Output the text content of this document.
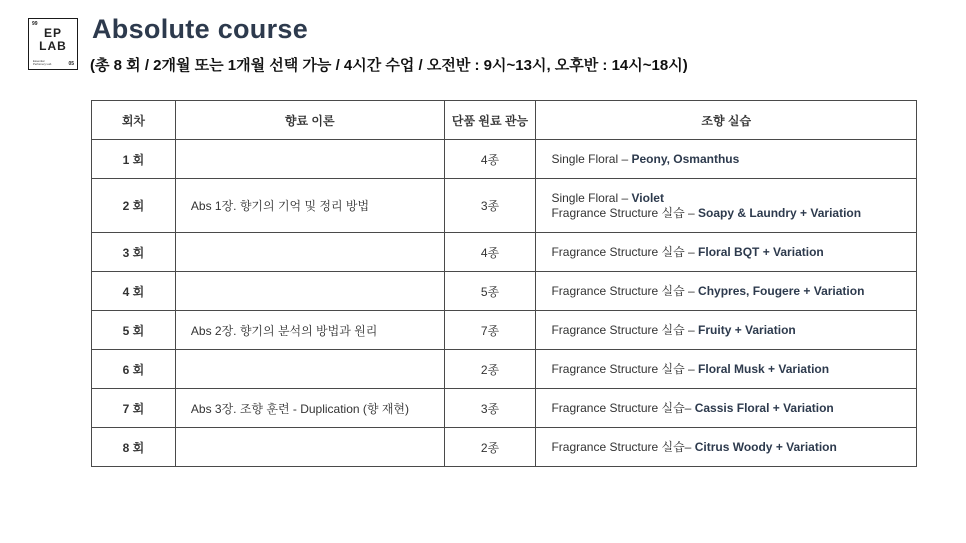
99
EP
LAB
Essential Perfumery Lab	05
Absolute course
(총 8 회 / 2개월 또는 1개월 선택 가능 / 4시간 수업 / 오전반 : 9시~13시, 오후반 : 14시~18시)
회차	향료 이론	단품 원료 관능	조향 실습
1 회		4종	Single Floral – Peony, Osmanthus

2 회	Abs 1장. 향기의 기억 및 정리 방법	3종	Single Floral – Violet
Fragrance Structure 실습 – Soapy & Laundry + Variation

3 회		4종	Fragrance Structure 실습 – Floral BQT + Variation

4 회		5종	Fragrance Structure 실습 – Chypres, Fougere + Variation

5 회	Abs 2장. 향기의 분석의 방법과 원리	7종	Fragrance Structure 실습 – Fruity + Variation

6 회		2종	Fragrance Structure 실습 – Floral Musk + Variation

7 회	Abs 3장. 조향 훈련 - Duplication (향 재현)	3종	Fragrance Structure 실습– Cassis Floral + Variation

8 회		2종	Fragrance Structure 실습– Citrus Woody + Variation
